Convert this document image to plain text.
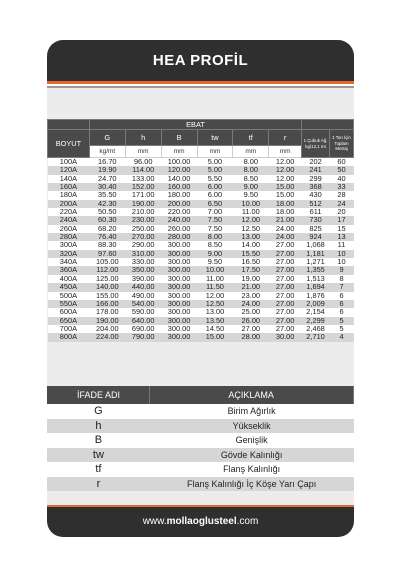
HEA PROFİL
	EBAT							
BOYUT	G	h	B	tw	tf	r	1 Çubuk Ağ. kg/12,1 mt	1 Ton İçin Toplam Metraj
	kg/mt	mm	mm	mm	mm	mm		
100A	16.70	96.00	100.00	5.00	8.00	12.00	202	60
120A	19.90	114.00	120.00	5.00	8.00	12.00	241	50
140A	24.70	133.00	140.00	5.50	8.50	12.00	299	40
160A	30.40	152.00	160.00	6.00	9.00	15.00	368	33
180A	35.50	171.00	180.00	6.00	9.50	15.00	430	28
200A	42.30	190.00	200.00	6.50	10.00	18.00	512	24
220A	50.50	210.00	220.00	7.00	11.00	18.00	611	20
240A	60.30	230.00	240.00	7.50	12.00	21.00	730	17
260A	68.20	250.00	260.00	7.50	12.50	24.00	825	15
280A	76.40	270.00	280.00	8.00	13.00	24.00	924	13
300A	88.30	290.00	300.00	8.50	14.00	27.00	1,068	11
320A	97.60	310.00	300.00	9.00	15.50	27.00	1,181	10
340A	105.00	330.00	300.00	9.50	16.50	27.00	1,271	10
360A	112.00	350.00	300.00	10.00	17.50	27.00	1,355	9
400A	125.00	390.00	300.00	11.00	19.00	27.00	1,513	8
450A	140.00	440.00	300.00	11.50	21.00	27.00	1,694	7
500A	155.00	490.00	300.00	12.00	23.00	27.00	1,876	6
550A	166.00	540.00	300.00	12.50	24.00	27.00	2,009	6
600A	178.00	590.00	300.00	13.00	25.00	27.00	2,154	6
650A	190.00	640.00	300.00	13.50	26.00	27.00	2,299	5
700A	204.00	690.00	300.00	14.50	27.00	27.00	2,468	5
800A	224.00	790.00	300.00	15.00	28.00	30.00	2,710	4
İFADE ADI	AÇIKLAMA
G	Birim Ağırlık
h	Yükseklik
B	Genişlik
tw	Gövde Kalınlığı
tf	Flanş Kalınlığı
r	Flanş Kalınlığı İç Köşe Yarı Çapı
www.mollaoglusteel.com
